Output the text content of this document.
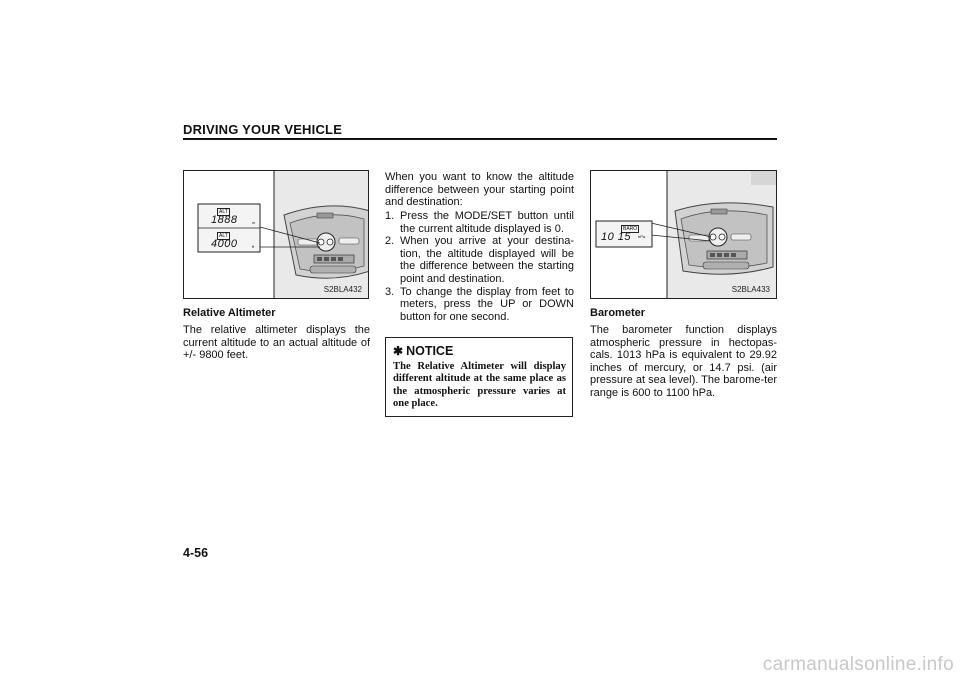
DRIVING YOUR VEHICLE
ALT
1888	m
ALT
4000	ft
S2BLA432
Relative Altimeter
The relative altimeter displays the current altitude to an actual altitude of +/- 9800 feet.
When you want to know the altitude difference between your starting point and destination:
1. Press the MODE/SET button until the current altitude displayed is 0.
2. When you arrive at your destina-tion, the altitude displayed will be the difference between the starting point and destination.
3. To change the display from feet to meters, press the UP or DOWN button for one second.
✱ NOTICE
The Relative Altimeter will display different altitude at the same place as the atmospheric pressure varies at one place.
BARO
10 15 hPa
S2BLA433
Barometer
The barometer function displays atmospheric pressure in hectopas-cals. 1013 hPa is equivalent to 29.92 inches of mercury, or 14.7 psi. (air pressure at sea level). The barome-ter range is 600 to 1100 hPa.
4-56
carmanualsonline.info
